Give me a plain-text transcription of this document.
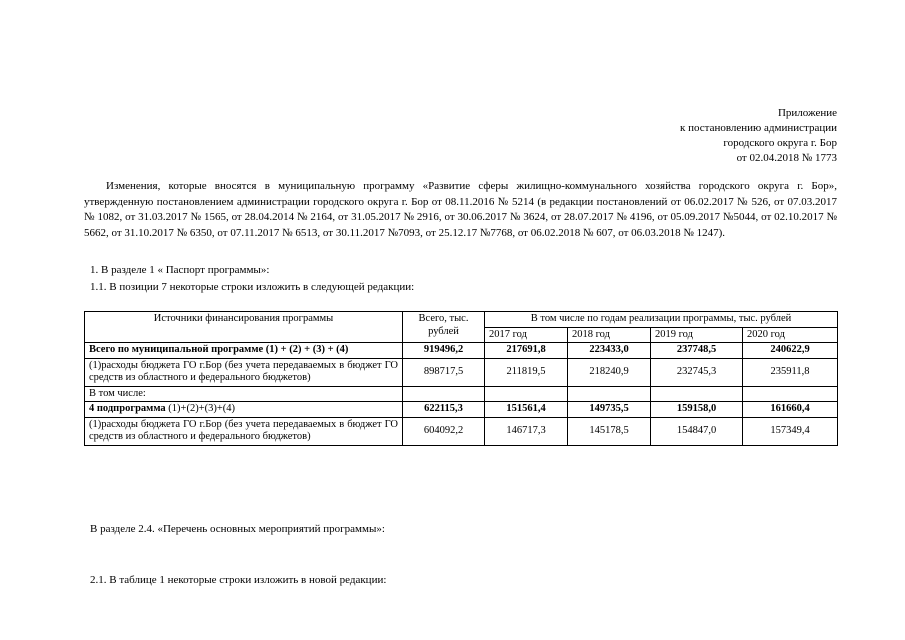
Приложение
к постановлению администрации
городского округа г. Бор
от 02.04.2018 № 1773
Изменения, которые вносятся в муниципальную программу «Развитие сферы жилищно-коммунального хозяйства городского округа г. Бор», утвержденную постановлением администрации городского округа г. Бор от 08.11.2016 № 5214 (в редакции постановлений от 06.02.2017 № 526, от 07.03.2017 № 1082, от 31.03.2017 № 1565, от 28.04.2014 № 2164, от 31.05.2017 № 2916, от 30.06.2017 № 3624, от 28.07.2017 № 4196, от 05.09.2017 №5044, от 02.10.2017 № 5662, от 31.10.2017 № 6350, от 07.11.2017 № 6513, от 30.11.2017 №7093, от 25.12.17 №7768, от 06.02.2018 № 607, от 06.03.2018 № 1247).
1. В разделе 1 « Паспорт программы»:
1.1. В позиции 7 некоторые строки изложить в следующей редакции:
Источники финансирования программы	Всего, тыс. рублей	В том числе по годам реализации программы, тыс. рублей			
		2017 год	2018 год	2019 год	2020 год
Всего по муниципальной программе (1) + (2) + (3) + (4)	919496,2	217691,8	223433,0	237748,5	240622,9
(1)расходы бюджета ГО г.Бор (без учета передаваемых в бюджет ГО средств из областного и федерального бюджетов)	898717,5	211819,5	218240,9	232745,3	235911,8
В том числе:					
4 подпрограмма (1)+(2)+(3)+(4)	622115,3	151561,4	149735,5	159158,0	161660,4
(1)расходы бюджета ГО г.Бор (без учета передаваемых в бюджет ГО средств из областного и федерального бюджетов)	604092,2	146717,3	145178,5	154847,0	157349,4
В разделе 2.4. «Перечень основных мероприятий программы»:
2.1. В таблице 1 некоторые строки изложить в новой редакции:
